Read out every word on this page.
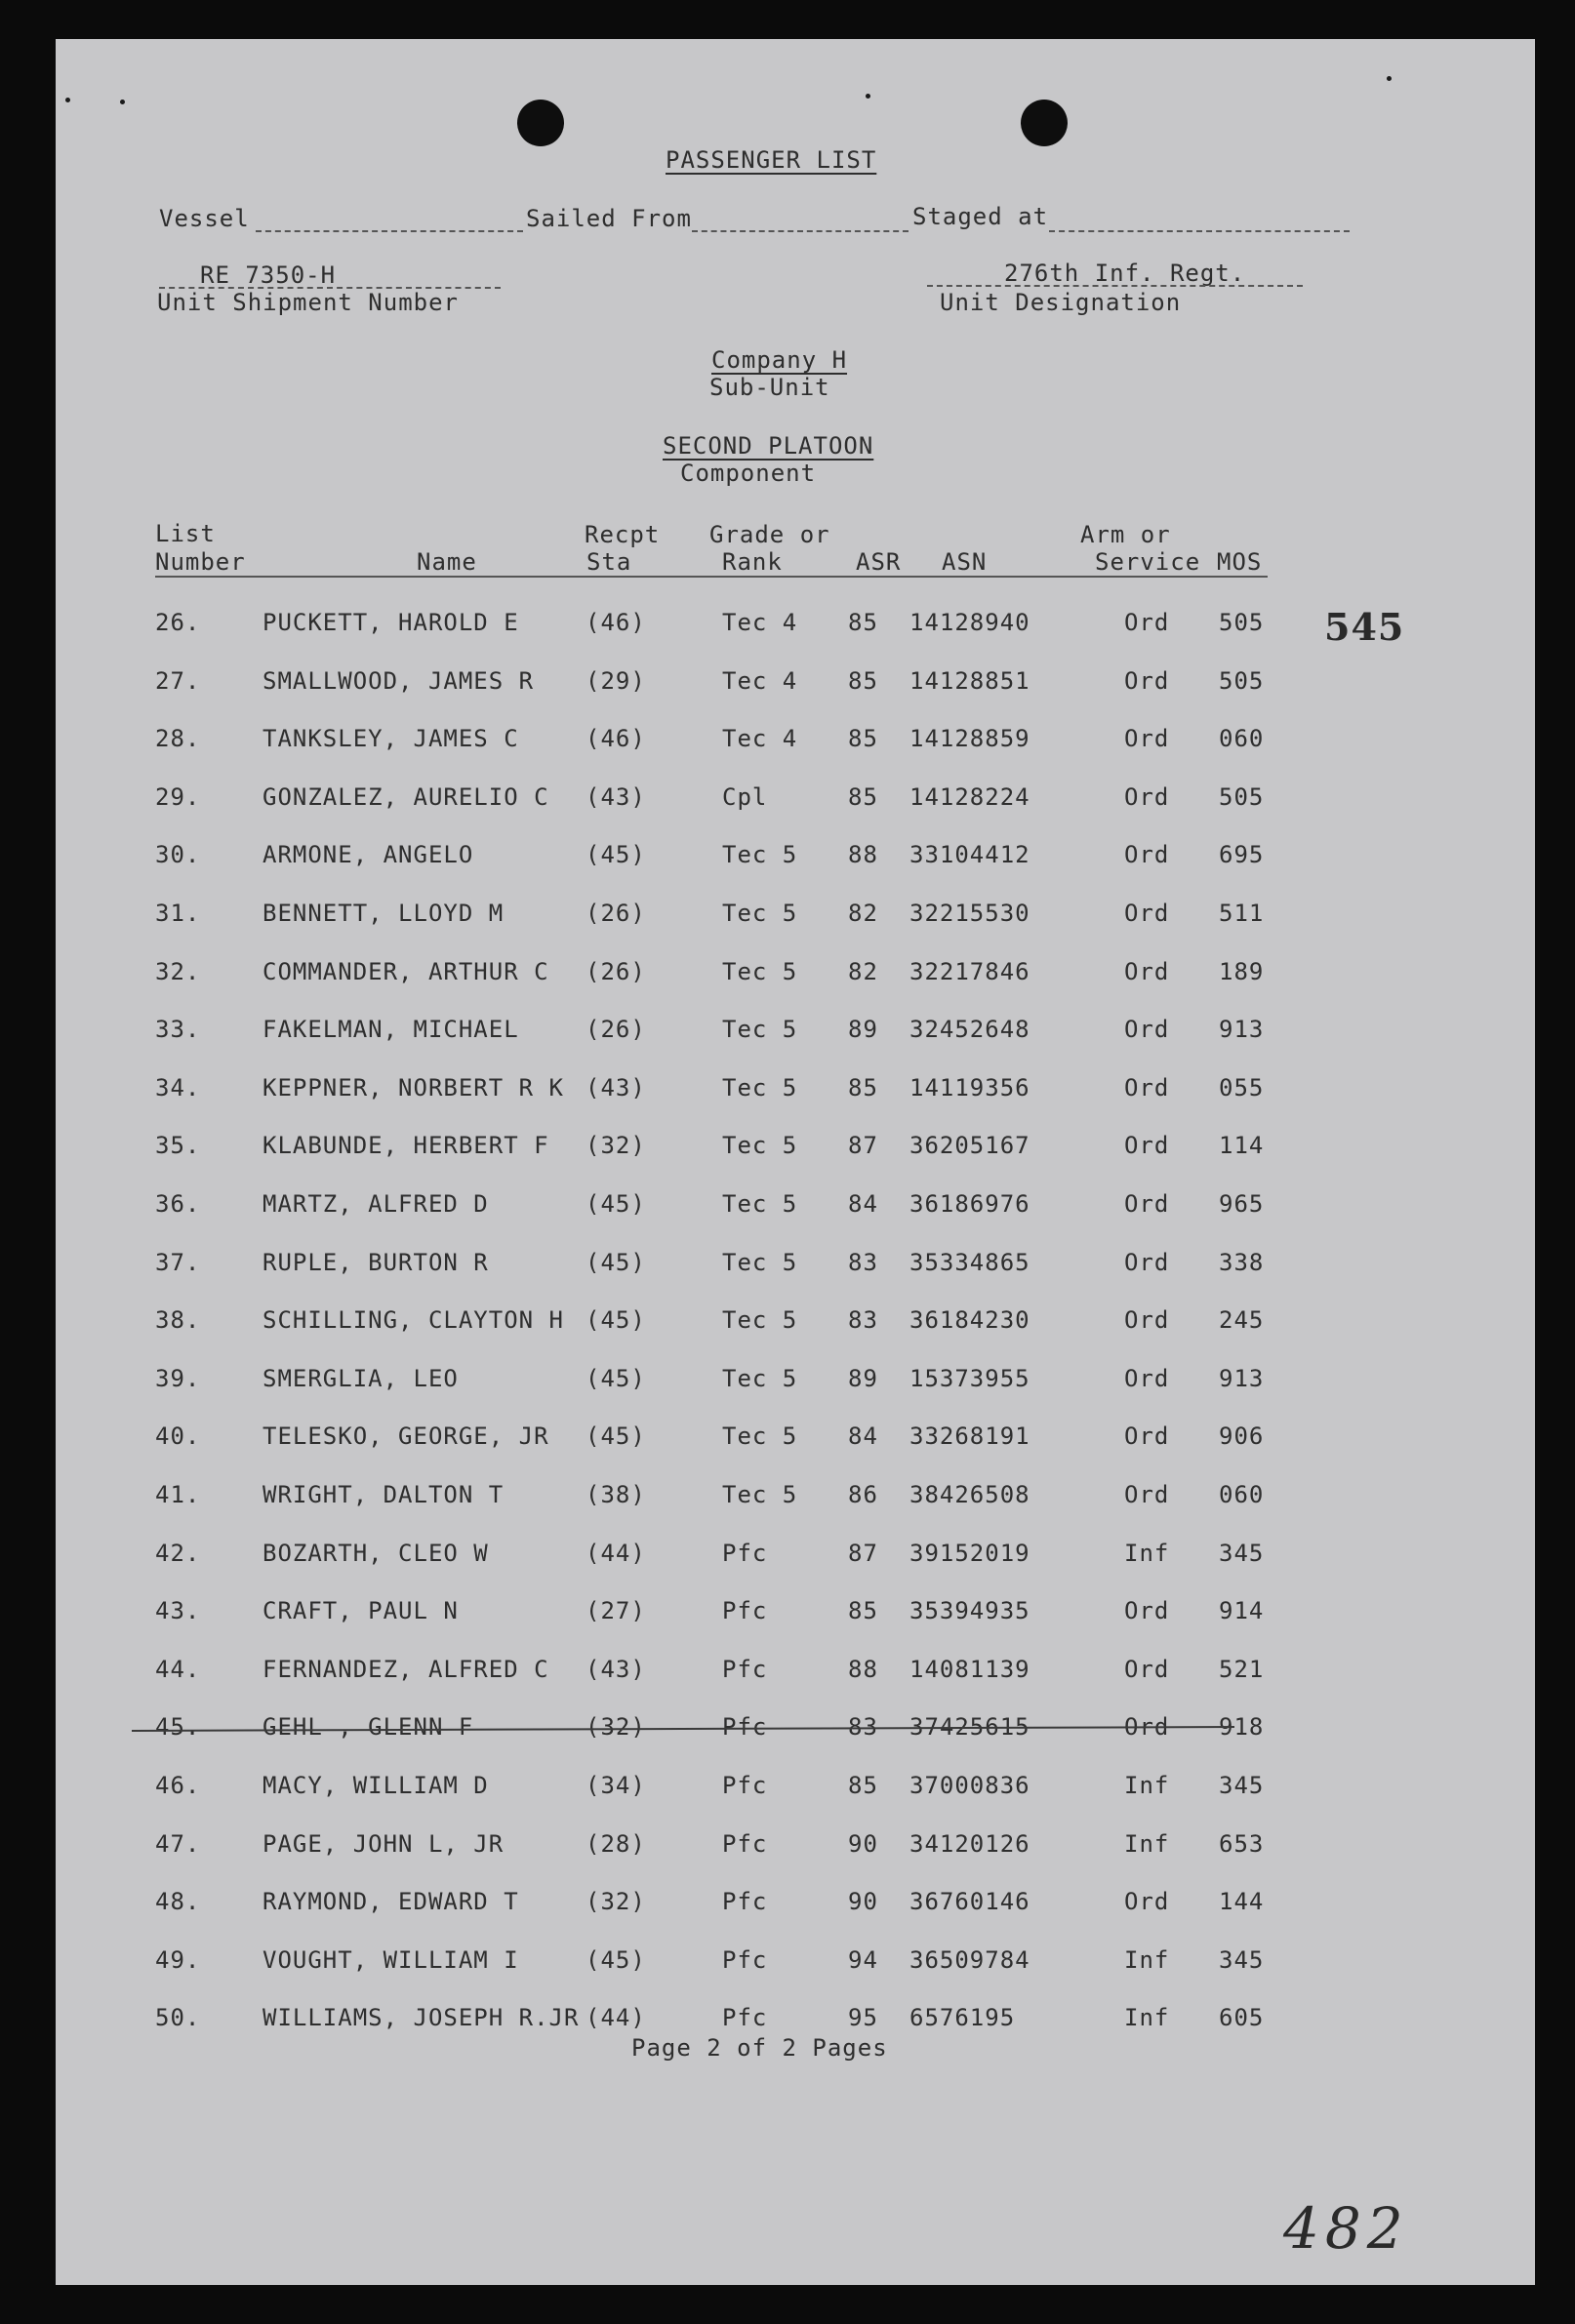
PASSENGER LIST
Vessel	Sailed From	Staged at
RE 7350-H
Unit Shipment Number
276th Inf. Regt.
Unit Designation
Company H
Sub-Unit
SECOND PLATOON
Component
List
Number	Name
Recpt
Sta
Grade or
Rank	ASR ASN
Arm or
Service MOS
545
26.	PUCKETT, HAROLD E	(46)	Tec 4 85 14128940	Ord 505
27.	SMALLWOOD, JAMES R (29)	Tec 4 85 14128851	Ord 505
28.	TANKSLEY, JAMES C	(46)	Tec 4 85 14128859	Ord 060
29.	GONZALEZ, AURELIO C (43)	Cpl	85 14128224	Ord 505
30.	ARMONE, ANGELO	(45)	Tec 5 88 33104412	Ord 695
31.	BENNETT, LLOYD M	(26)	Tec 5 82 32215530	Ord 511
32.	COMMANDER, ARTHUR C (26)	Tec 5 82 32217846	Ord 189
33.	FAKELMAN, MICHAEL	(26)	Tec 5 89 32452648	Ord 913
34.	KEPPNER, NORBERT R K (43)	Tec 5 85 14119356	Ord 055
35.	KLABUNDE, HERBERT F (32)	Tec 5 87 36205167	Ord 114
36.	MARTZ, ALFRED D	(45)	Tec 5 84 36186976	Ord 965
37.	RUPLE, BURTON R	(45)	Tec 5 83 35334865	Ord 338
38.	SCHILLING, CLAYTON H (45)	Tec 5 83 36184230	Ord 245
39.	SMERGLIA, LEO	(45)	Tec 5 89 15373955	Ord 913
40.	TELESKO, GEORGE, JR (45)	Tec 5 84 33268191	Ord 906
41.	WRIGHT, DALTON T	(38)	Tec 5 86 38426508	Ord 060
42.	BOZARTH, CLEO W	(44)	Pfc	87 39152019	Inf 345
43.	CRAFT, PAUL N	(27)	Pfc	85 35394935	Ord 914
44.	FERNANDEZ, ALFRED C (43)	Pfc	88 14081139	Ord 521
45.	GEHL , GLENN F	(32)	Pfc	83 37425615	Ord 918
46.	MACY, WILLIAM D	(34)	Pfc	85 37000836	Inf 345
47.	PAGE, JOHN L, JR	(28)	Pfc	90 34120126	Inf 653
48.	RAYMOND, EDWARD T	(32)	Pfc	90 36760146	Ord 144
49.	VOUGHT, WILLIAM I	(45)	Pfc	94 36509784	Inf 345
50.	WILLIAMS, JOSEPH R.JR (44)	Pfc	95 6576195	Inf 605
Page 2 of 2 Pages
482
